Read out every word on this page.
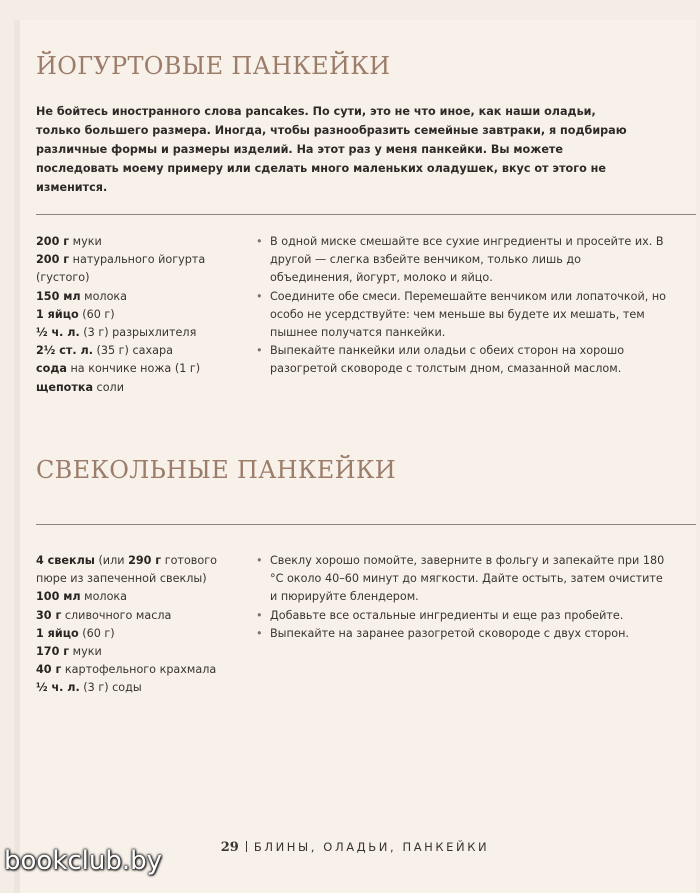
ЙОГУРТОВЫЕ ПАНКЕЙКИ

Не бойтесь иностранного слова pancakes. По сути, это не что иное, как наши оладьи, только большего размера. Иногда, чтобы разнообразить семейные завтраки, я подбираю различные формы и размеры изделий. На этот раз у меня панкейки. Вы можете последовать моему примеру или сделать много маленьких оладушек, вкус от этого не изменится.

200 г муки
200 г натурального йогурта (густого)
150 мл молока
1 яйцо (60 г)
½ ч. л. (3 г) разрыхлителя
2½ ст. л. (35 г) сахара
сода на кончике ножа (1 г)
щепотка соли
• В одной миске смешайте все сухие ингредиенты и просейте их. В другой — слегка взбейте венчиком, только лишь до объединения, йогурт, молоко и яйцо.
• Соедините обе смеси. Перемешайте венчиком или лопаточкой, но особо не усердствуйте: чем меньше вы будете их мешать, тем пышнее получатся панкейки.
• Выпекайте панкейки или оладьи с обеих сторон на хорошо разогретой сковороде с толстым дном, смазанной маслом.
СВЕКОЛЬНЫЕ ПАНКЕЙКИ
4 свеклы (или 290 г готового пюре из запеченной свеклы)
100 мл молока
30 г сливочного масла
1 яйцо (60 г)
170 г муки
40 г картофельного крахмала
½ ч. л. (3 г) соды
• Свеклу хорошо помойте, заверните в фольгу и запекайте при 180 °С около 40–60 минут до мягкости. Дайте остыть, затем очистите и пюрируйте блендером.
• Добавьте все остальные ингредиенты и еще раз пробейте.
• Выпекайте на заранее разогретой сковороде с двух сторон.
29 БЛИНЫ, ОЛАДЬИ, ПАНКЕЙКИ
bookclub.by
